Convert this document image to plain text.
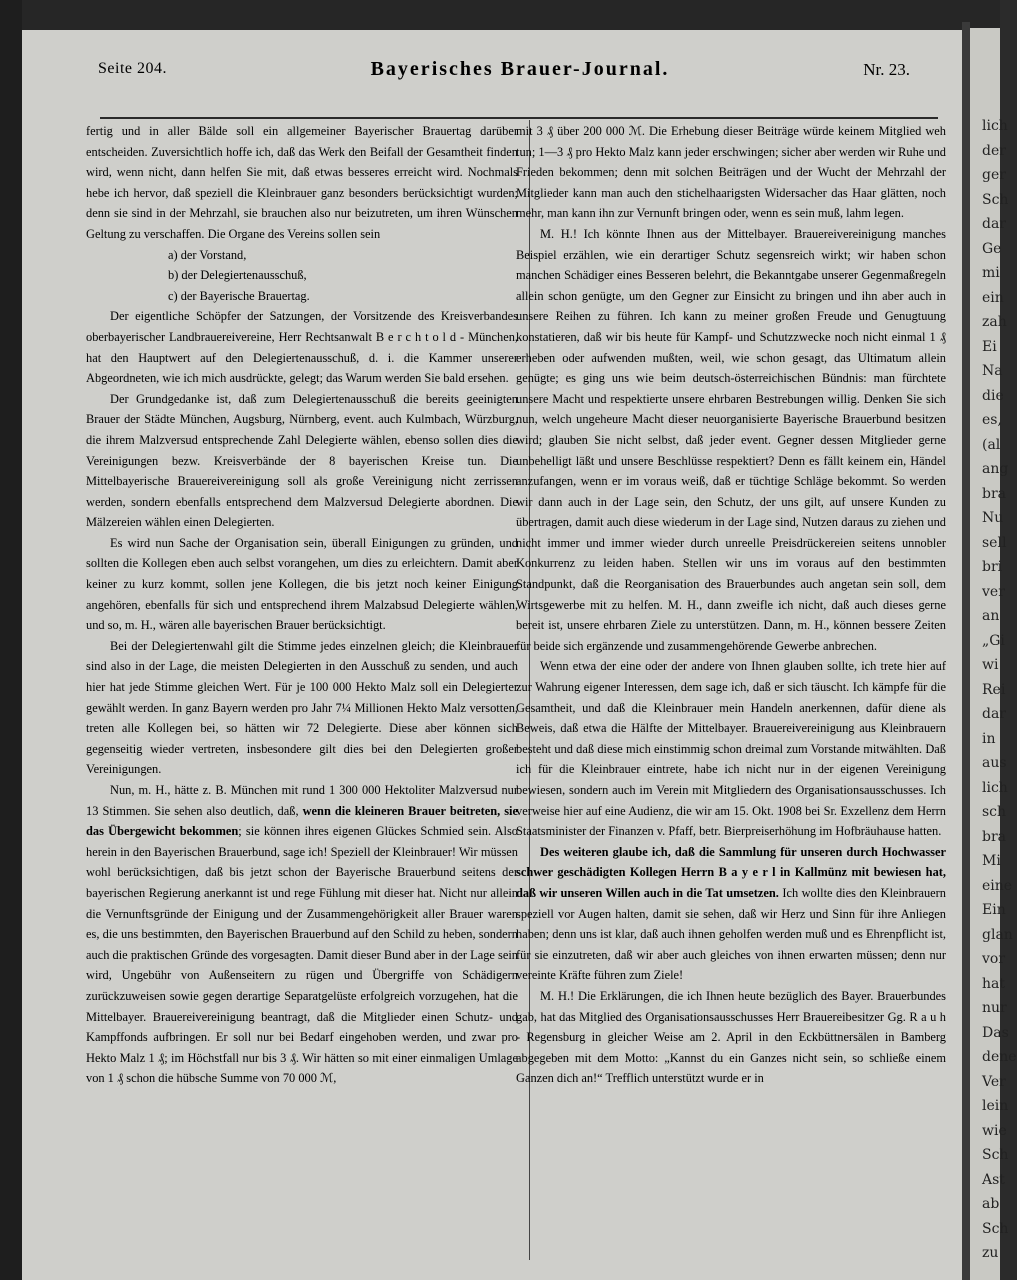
Seite 204.	Bayerisches Brauer-Journal.	Nr. 23.

fertig und in aller Bälde soll ein allgemeiner Bayerischer Brauertag darüber entscheiden. Zuversichtlich hoffe ich, daß das Werk den Beifall der Gesamtheit finden wird, wenn nicht, dann helfen Sie mit, daß etwas besseres erreicht wird. Nochmals hebe ich hervor, daß speziell die Kleinbrauer ganz besonders berücksichtigt wurden; denn sie sind in der Mehrzahl, sie brauchen also nur beizutreten, um ihren Wünschen Geltung zu verschaffen. Die Organe des Vereins sollen sein

a) der Vorstand,
b) der Delegiertenausschuß,
c) der Bayerische Brauertag.

Der eigentliche Schöpfer der Satzungen, der Vorsitzende des Kreisverbandes oberbayerischer Landbrauereivereine, Herr Rechtsanwalt B e r c h t o l d - München, hat den Hauptwert auf den Delegiertenausschuß, d. i. die Kammer unserer Abgeordneten, wie ich mich ausdrückte, gelegt; das Warum werden Sie bald ersehen.

Der Grundgedanke ist, daß zum Delegiertenausschuß die bereits geeinigten Brauer der Städte München, Augsburg, Nürnberg, event. auch Kulmbach, Würzburg, die ihrem Malzversud entsprechende Zahl Delegierte wählen, ebenso sollen dies die Vereinigungen bezw. Kreisverbände der 8 bayerischen Kreise tun. Die Mittelbayerische Brauereivereinigung soll als große Vereinigung nicht zerrissen werden, sondern ebenfalls entsprechend dem Malzversud Delegierte abordnen. Die Mälzereien wählen einen Delegierten.

Es wird nun Sache der Organisation sein, überall Einigungen zu gründen, und sollten die Kollegen eben auch selbst vorangehen, um dies zu erleichtern. Damit aber keiner zu kurz kommt, sollen jene Kollegen, die bis jetzt noch keiner Einigung angehören, ebenfalls für sich und entsprechend ihrem Malzabsud Delegierte wählen, und so, m. H., wären alle bayerischen Brauer berücksichtigt.

Bei der Delegiertenwahl gilt die Stimme jedes einzelnen gleich; die Kleinbrauer sind also in der Lage, die meisten Delegierten in den Ausschuß zu senden, und auch hier hat jede Stimme gleichen Wert. Für je 100 000 Hekto Malz soll ein Delegierter gewählt werden. In ganz Bayern werden pro Jahr 7¼ Millionen Hekto Malz versotten, treten alle Kollegen bei, so hätten wir 72 Delegierte. Diese aber können sich gegenseitig wieder vertreten, insbesondere gilt dies bei den Delegierten großer Vereinigungen.

Nun, m. H., hätte z. B. München mit rund 1 300 000 Hektoliter Malzversud nur 13 Stimmen. Sie sehen also deutlich, daß, wenn die kleineren Brauer beitreten, sie das Übergewicht bekommen; sie können ihres eigenen Glückes Schmied sein. Also herein in den Bayerischen Brauerbund, sage ich! Speziell der Kleinbrauer! Wir müssen wohl berücksichtigen, daß bis jetzt schon der Bayerische Brauerbund seitens der bayerischen Regierung anerkannt ist und rege Fühlung mit dieser hat. Nicht nur allein die Vernunftsgründe der Einigung und der Zusammengehörigkeit aller Brauer waren es, die uns bestimmten, den Bayerischen Brauerbund auf den Schild zu heben, sondern auch die praktischen Gründe des vorgesagten. Damit dieser Bund aber in der Lage sein wird, Ungebühr von Außenseitern zu rügen und Übergriffe von Schädigern zurückzuweisen sowie gegen derartige Separatgelüste erfolgreich vorzugehen, hat die Mittelbayer. Brauereivereinigung beantragt, daß die Mitglieder einen Schutz- und Kampffonds aufbringen. Er soll nur bei Bedarf eingehoben werden, und zwar pro Hekto Malz 1 ₰; im Höchstfall nur bis 3 ₰. Wir hätten so mit einer einmaligen Umlage von 1 ₰ schon die hübsche Summe von 70 000 ℳ,

mit 3 ₰ über 200 000 ℳ. Die Erhebung dieser Beiträge würde keinem Mitglied weh tun; 1—3 ₰ pro Hekto Malz kann jeder erschwingen; sicher aber werden wir Ruhe und Frieden bekommen; denn mit solchen Beiträgen und der Wucht der Mehrzahl der Mitglieder kann man auch den stichelhaarigsten Widersacher das Haar glätten, noch mehr, man kann ihn zur Vernunft bringen oder, wenn es sein muß, lahm legen.

M. H.! Ich könnte Ihnen aus der Mittelbayer. Brauereivereinigung manches Beispiel erzählen, wie ein derartiger Schutz segensreich wirkt; wir haben schon manchen Schädiger eines Besseren belehrt, die Bekanntgabe unserer Gegenmaßregeln allein schon genügte, um den Gegner zur Einsicht zu bringen und ihn aber auch in unsere Reihen zu führen. Ich kann zu meiner großen Freude und Genugtuung konstatieren, daß wir bis heute für Kampf- und Schutzzwecke noch nicht einmal 1 ₰ erheben oder aufwenden mußten, weil, wie schon gesagt, das Ultimatum allein genügte; es ging uns wie beim deutsch-österreichischen Bündnis: man fürchtete unsere Macht und respektierte unsere ehrbaren Bestrebungen willig. Denken Sie sich nun, welch ungeheure Macht dieser neuorganisierte Bayerische Brauerbund besitzen wird; glauben Sie nicht selbst, daß jeder event. Gegner dessen Mitglieder gerne unbehelligt läßt und unsere Beschlüsse respektiert? Denn es fällt keinem ein, Händel anzufangen, wenn er im voraus weiß, daß er tüchtige Schläge bekommt. So werden wir dann auch in der Lage sein, den Schutz, der uns gilt, auf unsere Kunden zu übertragen, damit auch diese wiederum in der Lage sind, Nutzen daraus zu ziehen und nicht immer und immer wieder durch unreelle Preisdrückereien seitens unnobler Konkurrenz zu leiden haben. Stellen wir uns im voraus auf den bestimmten Standpunkt, daß die Reorganisation des Brauerbundes auch angetan sein soll, dem Wirtsgewerbe mit zu helfen. M. H., dann zweifle ich nicht, daß auch dieses gerne bereit ist, unsere ehrbaren Ziele zu unterstützen. Dann, m. H., können bessere Zeiten für beide sich ergänzende und zusammengehörende Gewerbe anbrechen.

Wenn etwa der eine oder der andere von Ihnen glauben sollte, ich trete hier auf zur Wahrung eigener Interessen, dem sage ich, daß er sich täuscht. Ich kämpfe für die Gesamtheit, und daß die Kleinbrauer mein Handeln anerkennen, dafür diene als Beweis, daß etwa die Hälfte der Mittelbayer. Brauereivereinigung aus Kleinbrauern besteht und daß diese mich einstimmig schon dreimal zum Vorstande mitwählten. Daß ich für die Kleinbrauer eintrete, habe ich nicht nur in der eigenen Vereinigung bewiesen, sondern auch im Verein mit Mitgliedern des Organisationsausschusses. Ich verweise hier auf eine Audienz, die wir am 15. Okt. 1908 bei Sr. Exzellenz dem Herrn Staatsminister der Finanzen v. Pfaff, betr. Bierpreiserhöhung im Hofbräuhause hatten.

Des weiteren glaube ich, daß die Sammlung für unseren durch Hochwasser schwer geschädigten Kollegen Herrn B a y e r l in Kallmünz mit bewiesen hat, daß wir unseren Willen auch in die Tat umsetzen. Ich wollte dies den Kleinbrauern speziell vor Augen halten, damit sie sehen, daß wir Herz und Sinn für ihre Anliegen haben; denn uns ist klar, daß auch ihnen geholfen werden muß und es Ehrenpflicht ist, für sie einzutreten, daß wir aber auch gleiches von ihnen erwarten müssen; denn nur vereinte Kräfte führen zum Ziele!

M. H.! Die Erklärungen, die ich Ihnen heute bezüglich des Bayer. Brauerbundes gab, hat das Mitglied des Organisationsausschusses Herr Brauereibesitzer Gg. R a u h - Regensburg in gleicher Weise am 2. April in den Eckbüttnersälen in Bamberg abgegeben mit dem Motto: „Kannst du ein Ganzes nicht sein, so schließe einem Ganzen dich an!“ Trefflich unterstützt wurde er in

lich
der
ger
Sch
dar
Ge
mi
ein
zah
Ei
Na
die
es,
(al
ang
bra
Nu
sell
bri
ver
an
„Gi
wi
Rei
dar
in
aus
lich
sch
bra
Mi
eine
Ein
glan
vor
hat
nur
Das
dene
Ver
lein
wie
Sch
Ast
ab
Sch
zu
